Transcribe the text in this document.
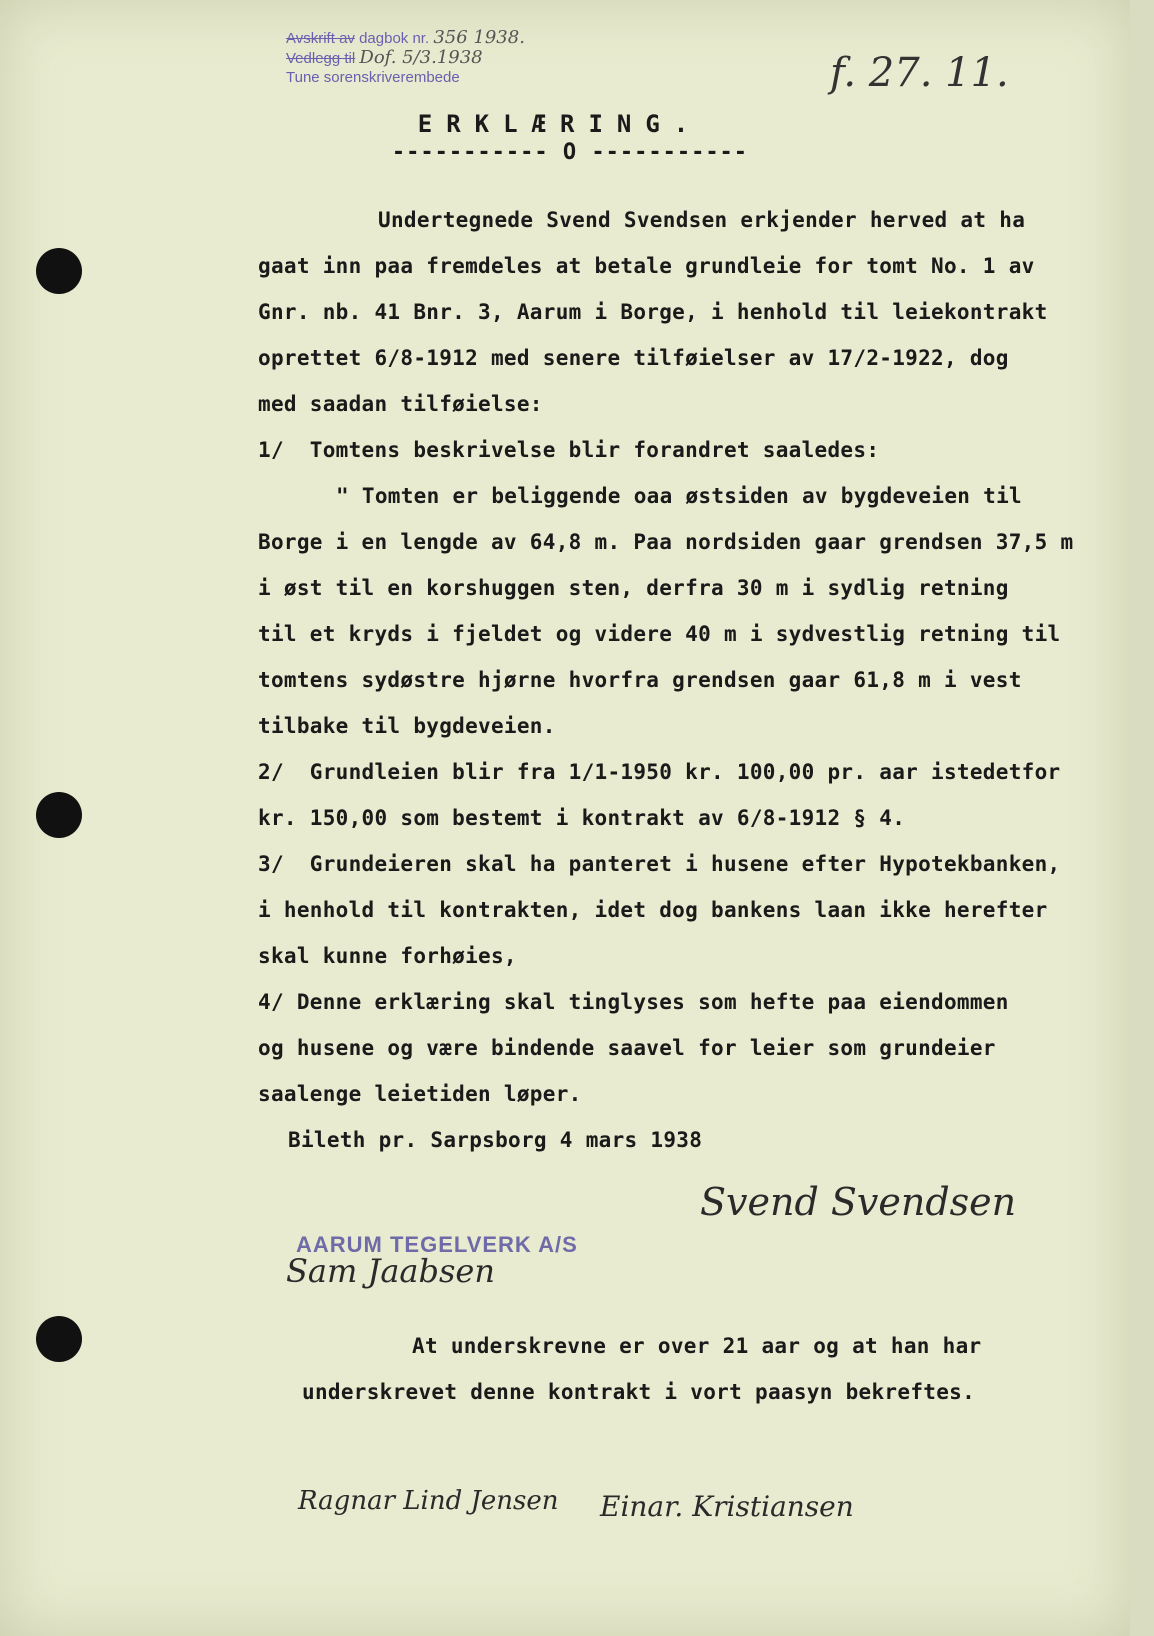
Avskrift av dagbok nr. 356 1938.
Vedlegg til Dof. 5/3.1938
Tune sorenskriverembede	f. 27. 11.
ERKLÆRING.
----------- O -----------
Undertegnede Svend Svendsen erkjender herved at ha
gaat inn paa fremdeles at betale grundleie for tomt No. 1 av
Gnr. nb. 41 Bnr. 3, Aarum i Borge, i henhold til leiekontrakt
oprettet 6/8-1912 med senere tilføielser av 17/2-1922, dog
med saadan tilføielse:
1/  Tomtens beskrivelse blir forandret saaledes:
" Tomten er beliggende oaa østsiden av bygdeveien til
Borge i en lengde av 64,8 m. Paa nordsiden gaar grendsen 37,5 m
i øst til en korshuggen sten, derfra 30 m i sydlig retning
til et kryds i fjeldet og videre 40 m i sydvestlig retning til
tomtens sydøstre hjørne hvorfra grendsen gaar 61,8 m i vest
tilbake til bygdeveien.
2/  Grundleien blir fra 1/1-1950 kr. 100,00 pr. aar istedetfor
kr. 150,00 som bestemt i kontrakt av 6/8-1912 § 4.
3/  Grundeieren skal ha panteret i husene efter Hypotekbanken,
i henhold til kontrakten, idet dog bankens laan ikke herefter
skal kunne forhøies,
4/ Denne erklæring skal tinglyses som hefte paa eiendommen
og husene og være bindende saavel for leier som grundeier
saalenge leietiden løper.
Bileth pr. Sarpsborg 4 mars 1938
Svend Svendsen
AARUM TEGELVERK A/S
Sam Jaabsen
At underskrevne er over 21 aar og at han har
underskrevet denne kontrakt i vort paasyn bekreftes.
Ragnar Lind Jensen Einar. Kristiansen
